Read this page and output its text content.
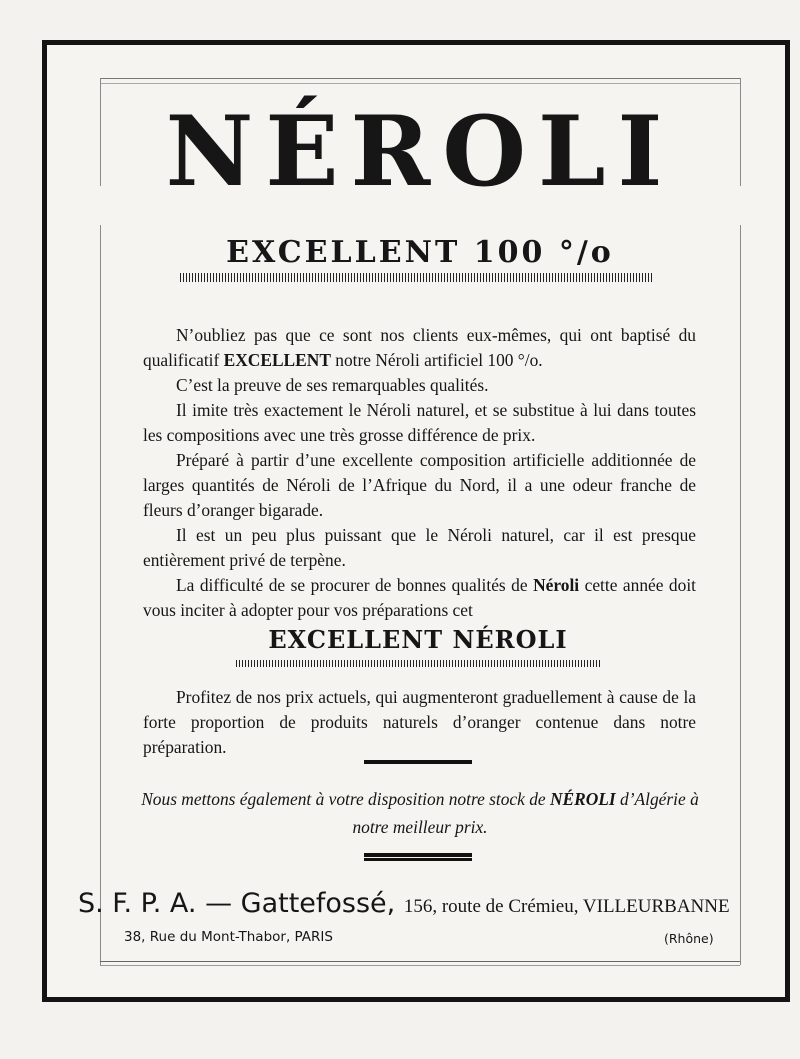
NÉROLI
EXCELLENT 100 °/o

N’oubliez pas que ce sont nos clients eux-mêmes, qui ont baptisé du qualificatif EXCELLENT notre Néroli artificiel 100 °/o.

C’est la preuve de ses remarquables qualités.

Il imite très exactement le Néroli naturel, et se substitue à lui dans toutes les compositions avec une très grosse différence de prix.

Préparé à partir d’une excellente composition artificielle additionnée de larges quantités de Néroli de l’Afrique du Nord, il a une odeur franche de fleurs d’oranger bigarade.

Il est un peu plus puissant que le Néroli naturel, car il est presque entièrement privé de terpène.

La difficulté de se procurer de bonnes qualités de Néroli cette année doit vous inciter à adopter pour vos préparations cet

EXCELLENT NÉROLI

Profitez de nos prix actuels, qui augmenteront graduellement à cause de la forte proportion de produits naturels d’oranger contenue dans notre préparation.

Nous mettons également à votre disposition notre stock de NÉROLI d’Algérie à notre meilleur prix.

S. F. P. A. — Gattefossé, 156, route de Crémieu, VILLEURBANNE

38, Rue du Mont-Thabor, PARIS	(Rhône)
